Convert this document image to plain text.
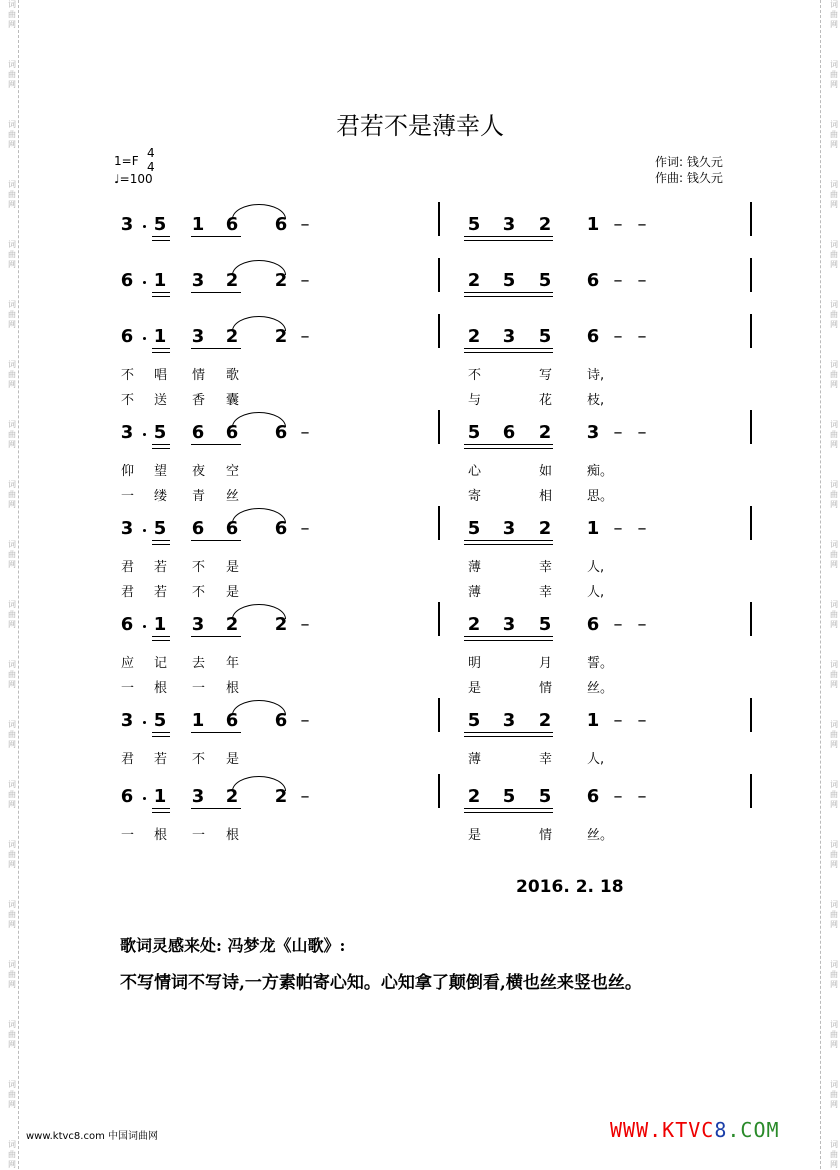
词
曲
网
词
曲
网
词
曲
网
词
曲
网
词
曲
网
词
曲
网
词
曲
网
词
曲
网
词
曲
网
词
曲
网
词
曲
网
词
曲
网
词
曲
网
词
曲
网
词
曲
网
词
曲
网
词
曲
网
词
曲
网
词
曲
网
词
曲
网
词
曲
网
词
曲
网
词
曲
网
词
曲
网
词
曲
网
词
曲
网
词
曲
网
词
曲
网
词
曲
网
词
曲
网
词
曲
网
词
曲
网
词
曲
网
词
曲
网
词
曲
网
词
曲
网
词
曲
网
词
曲
网
词
曲
网
词
曲
网
君若不是薄幸人
1=F
4
4
♩=100
作词: 钱久元
作曲: 钱久元
3 5 1 6 6 –	5 3 2 1 – –
6 1 3 2 2 –	2 5 5 6 – –
6 1 3 2 2 –	2 3 5 6 – –
不 唱 情 歌	不	写	诗,
不 送 香 囊	与	花	枝,
3 5 6 6 6 –	5 6 2 3 – –
仰 望 夜 空	心	如	痴。
一 缕 青 丝	寄	相	思。
3 5 6 6 6 –	5 3 2 1 – –
君 若 不 是	薄	幸	人,
君 若 不 是	薄	幸	人,
6 1 3 2 2 –	2 3 5 6 – –
应 记 去 年	明	月	誓。
一 根 一 根	是	情	丝。
3 5 1 6 6 –	5 3 2 1 – –
君 若 不 是	薄	幸	人,
6 1 3 2 2 –	2 5 5 6 – –
一 根 一 根	是	情	丝。
2016. 2. 18
歌词灵感来处: 冯梦龙《山歌》:
不写情词不写诗,一方素帕寄心知。心知拿了颠倒看,横也丝来竖也丝。
www.ktvc8.com 中国词曲网	WWW.KTVC8.COM
